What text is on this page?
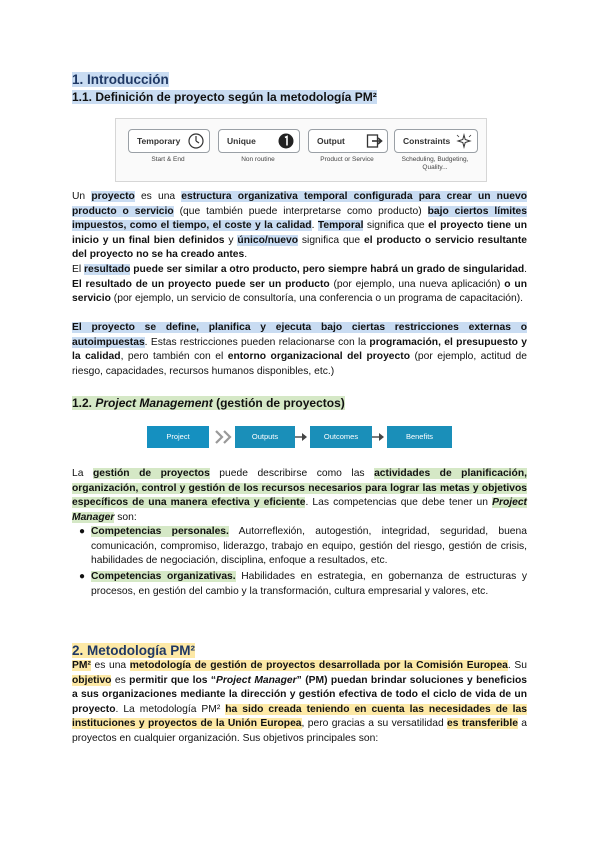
1. Introducción
1.1. Definición de proyecto según la metodología PM²
Temporary
Start & End
Unique
Non routine
Output
Product or Service
Constraints
Scheduling, Budgeting, Quality...
Un proyecto es una estructura organizativa temporal configurada para crear un nuevo producto o servicio (que también puede interpretarse como producto) bajo ciertos límites impuestos, como el tiempo, el coste y la calidad. Temporal significa que el proyecto tiene un inicio y un final bien definidos y único/nuevo significa que el producto o servicio resultante del proyecto no se ha creado antes.
El resultado puede ser similar a otro producto, pero siempre habrá un grado de singularidad. El resultado de un proyecto puede ser un producto (por ejemplo, una nueva aplicación) o un servicio (por ejemplo, un servicio de consultoría, una conferencia o un programa de capacitación).
El proyecto se define, planifica y ejecuta bajo ciertas restricciones externas o autoimpuestas. Estas restricciones pueden relacionarse con la programación, el presupuesto y la calidad, pero también con el entorno organizacional del proyecto (por ejemplo, actitud de riesgo, capacidades, recursos humanos disponibles, etc.)
1.2. Project Management (gestión de proyectos)
Project	Outputs	Outcomes	Benefits
La gestión de proyectos puede describirse como las actividades de planificación, organización, control y gestión de los recursos necesarios para lograr las metas y objetivos específicos de una manera efectiva y eficiente. Las competencias que debe tener un Project Manager son:
● Competencias personales. Autorreflexión, autogestión, integridad, seguridad, buena comunicación, compromiso, liderazgo, trabajo en equipo, gestión del riesgo, gestión de crisis, habilidades de negociación, disciplina, enfoque a resultados, etc.
● Competencias organizativas. Habilidades en estrategia, en gobernanza de estructuras y procesos, en gestión del cambio y la transformación, cultura empresarial y valores, etc.
2. Metodología PM²
PM² es una metodología de gestión de proyectos desarrollada por la Comisión Europea. Su objetivo es permitir que los “Project Manager” (PM) puedan brindar soluciones y beneficios a sus organizaciones mediante la dirección y gestión efectiva de todo el ciclo de vida de un proyecto. La metodología PM² ha sido creada teniendo en cuenta las necesidades de las instituciones y proyectos de la Unión Europea, pero gracias a su versatilidad es transferible a proyectos en cualquier organización. Sus objetivos principales son:
